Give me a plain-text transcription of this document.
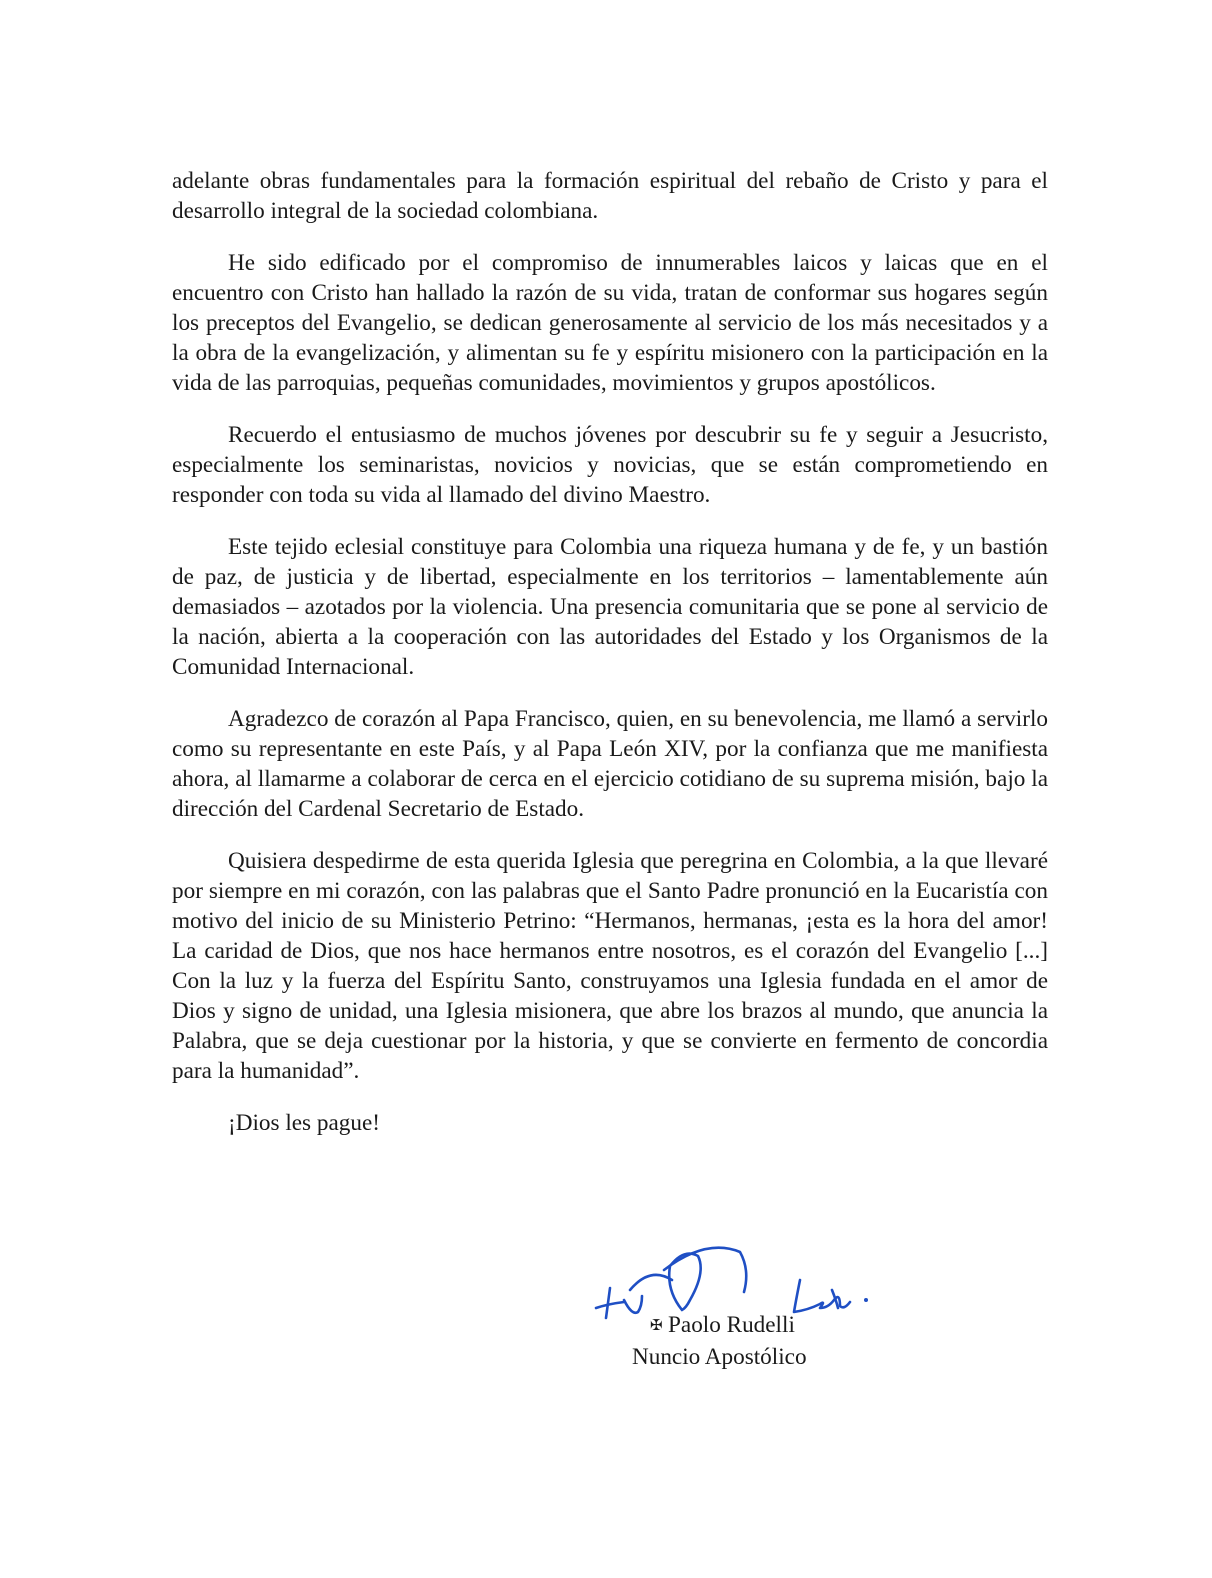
adelante obras fundamentales para la formación espiritual del rebaño de Cristo y para el desarrollo integral de la sociedad colombiana.

He sido edificado por el compromiso de innumerables laicos y laicas que en el encuentro con Cristo han hallado la razón de su vida, tratan de conformar sus hogares según los preceptos del Evangelio, se dedican generosamente al servicio de los más necesitados y a la obra de la evangelización, y alimentan su fe y espíritu misionero con la participación en la vida de las parroquias, pequeñas comunidades, movimientos y grupos apostólicos.

Recuerdo el entusiasmo de muchos jóvenes por descubrir su fe y seguir a Jesucristo, especialmente los seminaristas, novicios y novicias, que se están comprometiendo en responder con toda su vida al llamado del divino Maestro.

Este tejido eclesial constituye para Colombia una riqueza humana y de fe, y un bastión de paz, de justicia y de libertad, especialmente en los territorios – lamentablemente aún demasiados – azotados por la violencia. Una presencia comunitaria que se pone al servicio de la nación, abierta a la cooperación con las autoridades del Estado y los Organismos de la Comunidad Internacional.

Agradezco de corazón al Papa Francisco, quien, en su benevolencia, me llamó a servirlo como su representante en este País, y al Papa León XIV, por la confianza que me manifiesta ahora, al llamarme a colaborar de cerca en el ejercicio cotidiano de su suprema misión, bajo la dirección del Cardenal Secretario de Estado.

Quisiera despedirme de esta querida Iglesia que peregrina en Colombia, a la que llevaré por siempre en mi corazón, con las palabras que el Santo Padre pronunció en la Eucaristía con motivo del inicio de su Ministerio Petrino: “Hermanos, hermanas, ¡esta es la hora del amor! La caridad de Dios, que nos hace hermanos entre nosotros, es el corazón del Evangelio [...] Con la luz y la fuerza del Espíritu Santo, construyamos una Iglesia fundada en el amor de Dios y signo de unidad, una Iglesia misionera, que abre los brazos al mundo, que anuncia la Palabra, que se deja cuestionar por la historia, y que se convierte en fermento de concordia para la humanidad”.

¡Dios les pague!

✠ Paolo Rudelli
Nuncio Apostólico
